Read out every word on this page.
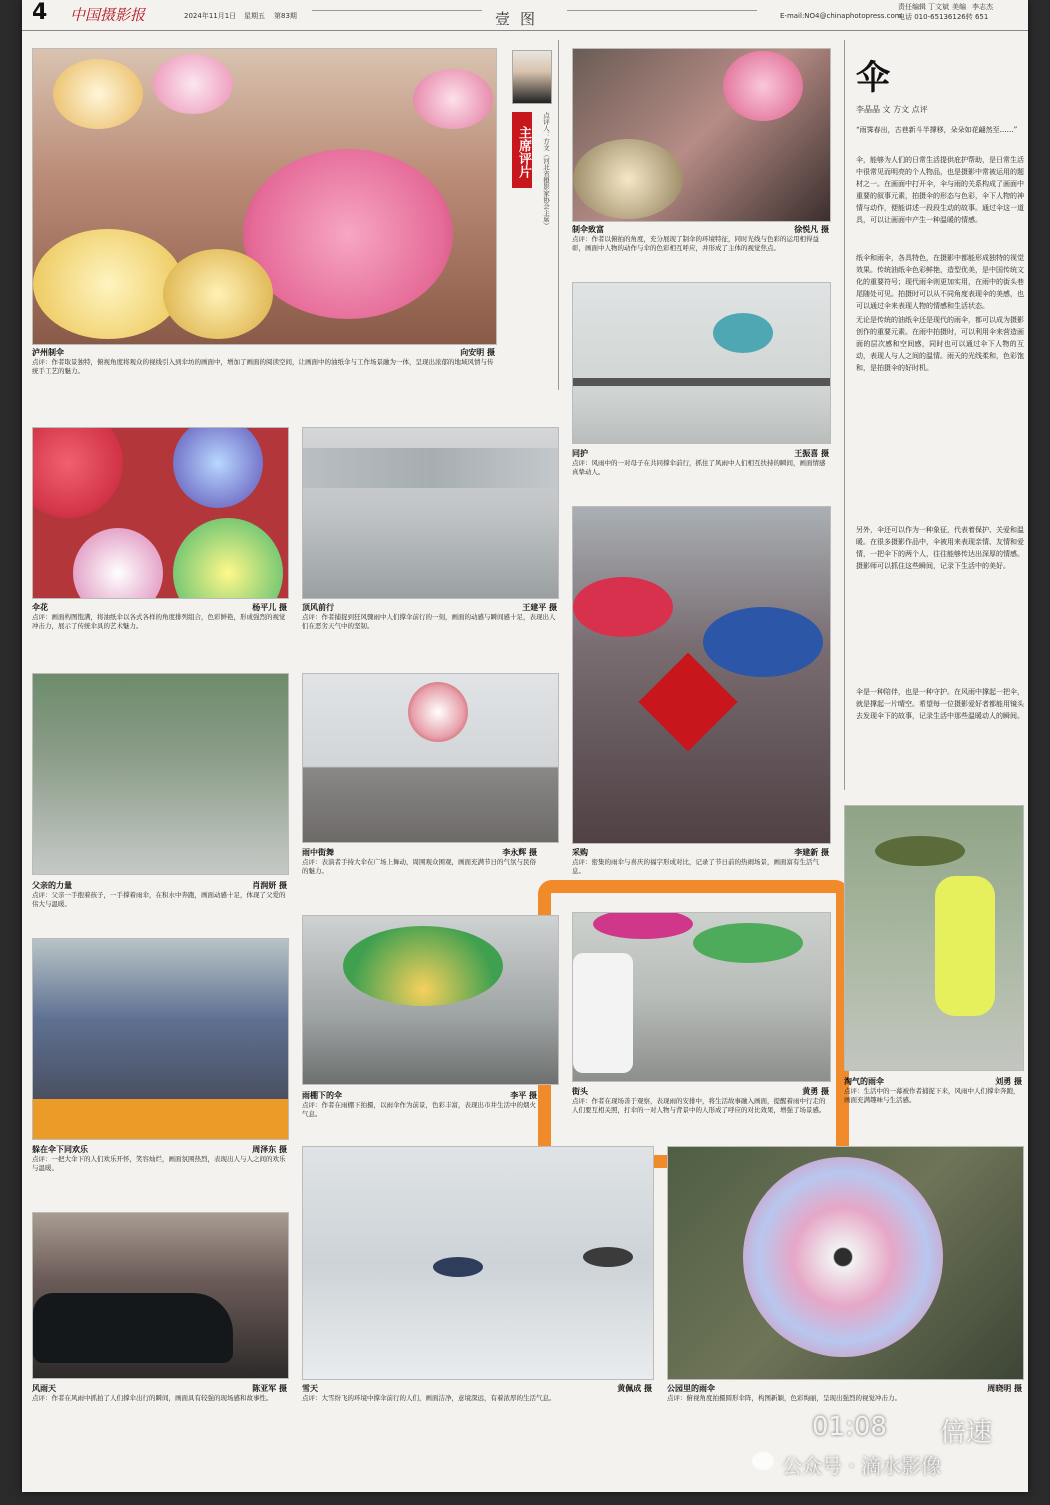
4 中国摄影报	2024年11月1日 星期五 第83期	壹图	E-mail:NO4@chinaphotopress.com
责任编辑 丁文斌 美编 李志杰
电话 010-65136126转 651
泸州制伞	向安明 摄
点评：作者取景独特，俯视角度将观众的视线引入到伞坊的画面中，增加了画面的阅读空间，让画面中的油纸伞与工作场景融为一体，呈现出浓郁的地域风情与传统手工艺的魅力。
主席评片	点评人：方文（河北省摄影家协会主席）
制伞致富	徐悦凡 摄
点评：作者以俯拍的角度，充分展现了制伞的环境特征，同时光线与色彩的运用相得益彰，画面中人物的动作与伞的色彩相互呼应，并形成了主体的视觉焦点。
同护	王振喜 摄
点评：风雨中的一对母子在共同撑伞前行，抓住了风雨中人们相互扶持的瞬间，画面情感真挚动人。
伞
李晶晶 文 方文 点评
“雨霁春出，古巷新斗半撑移，朵朵如花翩然至……”
伞，能够为人们的日常生活提供庇护帮助，是日常生活中很常见而明亮的个人物品，也是摄影中常被运用的题材之一。在画面中打开伞，伞与雨的关系构成了画面中重要的叙事元素，拍摄伞的形态与色彩，伞下人物的神情与动作，便能讲述一段段生动的故事。通过伞这一道具，可以让画面中产生一种温暖的情感。
纸伞和雨伞，各具特色，在摄影中都能形成独特的视觉效果。传统油纸伞色彩鲜艳，造型优美，是中国传统文化的重要符号；现代雨伞则更加实用，在雨中的街头巷尾随处可见。拍摄时可以从不同角度表现伞的美感，也可以通过伞来表现人物的情感和生活状态。
无论是传统的油纸伞还是现代的雨伞，都可以成为摄影创作的重要元素。在雨中拍摄时，可以利用伞来营造画面的层次感和空间感，同时也可以通过伞下人物的互动，表现人与人之间的温情。雨天的光线柔和，色彩饱和，是拍摄伞的好时机。
另外，伞还可以作为一种象征，代表着保护、关爱和温暖。在很多摄影作品中，伞被用来表现亲情、友情和爱情，一把伞下的两个人，往往能够传达出深厚的情感。摄影师可以抓住这些瞬间，记录下生活中的美好。
伞是一种陪伴，也是一种守护。在风雨中撑起一把伞，就是撑起一片晴空。希望每一位摄影爱好者都能用镜头去发现伞下的故事，记录生活中那些温暖动人的瞬间。
伞花	杨平儿 摄
点评：画面构图饱满，将油纸伞以各式各样的角度排列组合，色彩鲜艳，形成强烈的视觉冲击力，展示了传统伞具的艺术魅力。
顶风前行	王建平 摄
点评：作者捕捉到狂风骤雨中人们撑伞前行的一刻，画面的动感与瞬间感十足，表现出人们在恶劣天气中的坚韧。
采购	李建新 摄
点评：密集的雨伞与喜庆的福字形成对比，记录了节日前的热闹场景，画面富有生活气息。
父亲的力量	肖润妍 摄
点评：父亲一手抱着孩子，一手撑着雨伞，在积水中奔跑，画面动感十足，体现了父爱的伟大与温暖。
雨中街舞	李永辉 摄
点评：表演者手持大伞在广场上舞动，周围观众围观，画面充满节日的气氛与民俗的魅力。
街头	黄勇 摄
点评：作者在现场善于观察，表现雨的安排中，将生活故事融入画面，提醒着雨中行走的人们要互相关照，打伞的一对人物与背景中的人形成了呼应的对比效果，增强了场景感。
淘气的雨伞	刘勇 摄
点评：生活中的一幕被作者捕捉下来，风雨中人们撑伞奔跑，画面充满趣味与生活感。
雨棚下的伞	李平 摄
点评：作者在雨棚下拍摄，以雨伞作为前景，色彩丰富，表现出市井生活中的烟火气息。
躲在伞下同欢乐	周泽东 摄
点评：一把大伞下的人们欢乐开怀，笑容灿烂，画面氛围热烈，表现出人与人之间的欢乐与温暖。
风雨天	陈亚军 摄
点评：作者在风雨中抓拍了人们撑伞出行的瞬间，画面具有较强的现场感和故事性。
雪天	黄佩成 摄
点评：大雪纷飞的环境中撑伞前行的人们，画面洁净，意境深远，有着浓厚的生活气息。
公园里的雨伞	周晓明 摄
点评：俯视角度拍摄圆形伞阵，构图新颖，色彩绚丽，呈现出强烈的视觉冲击力。
01:08 倍速
公众号 · 滴水影像
